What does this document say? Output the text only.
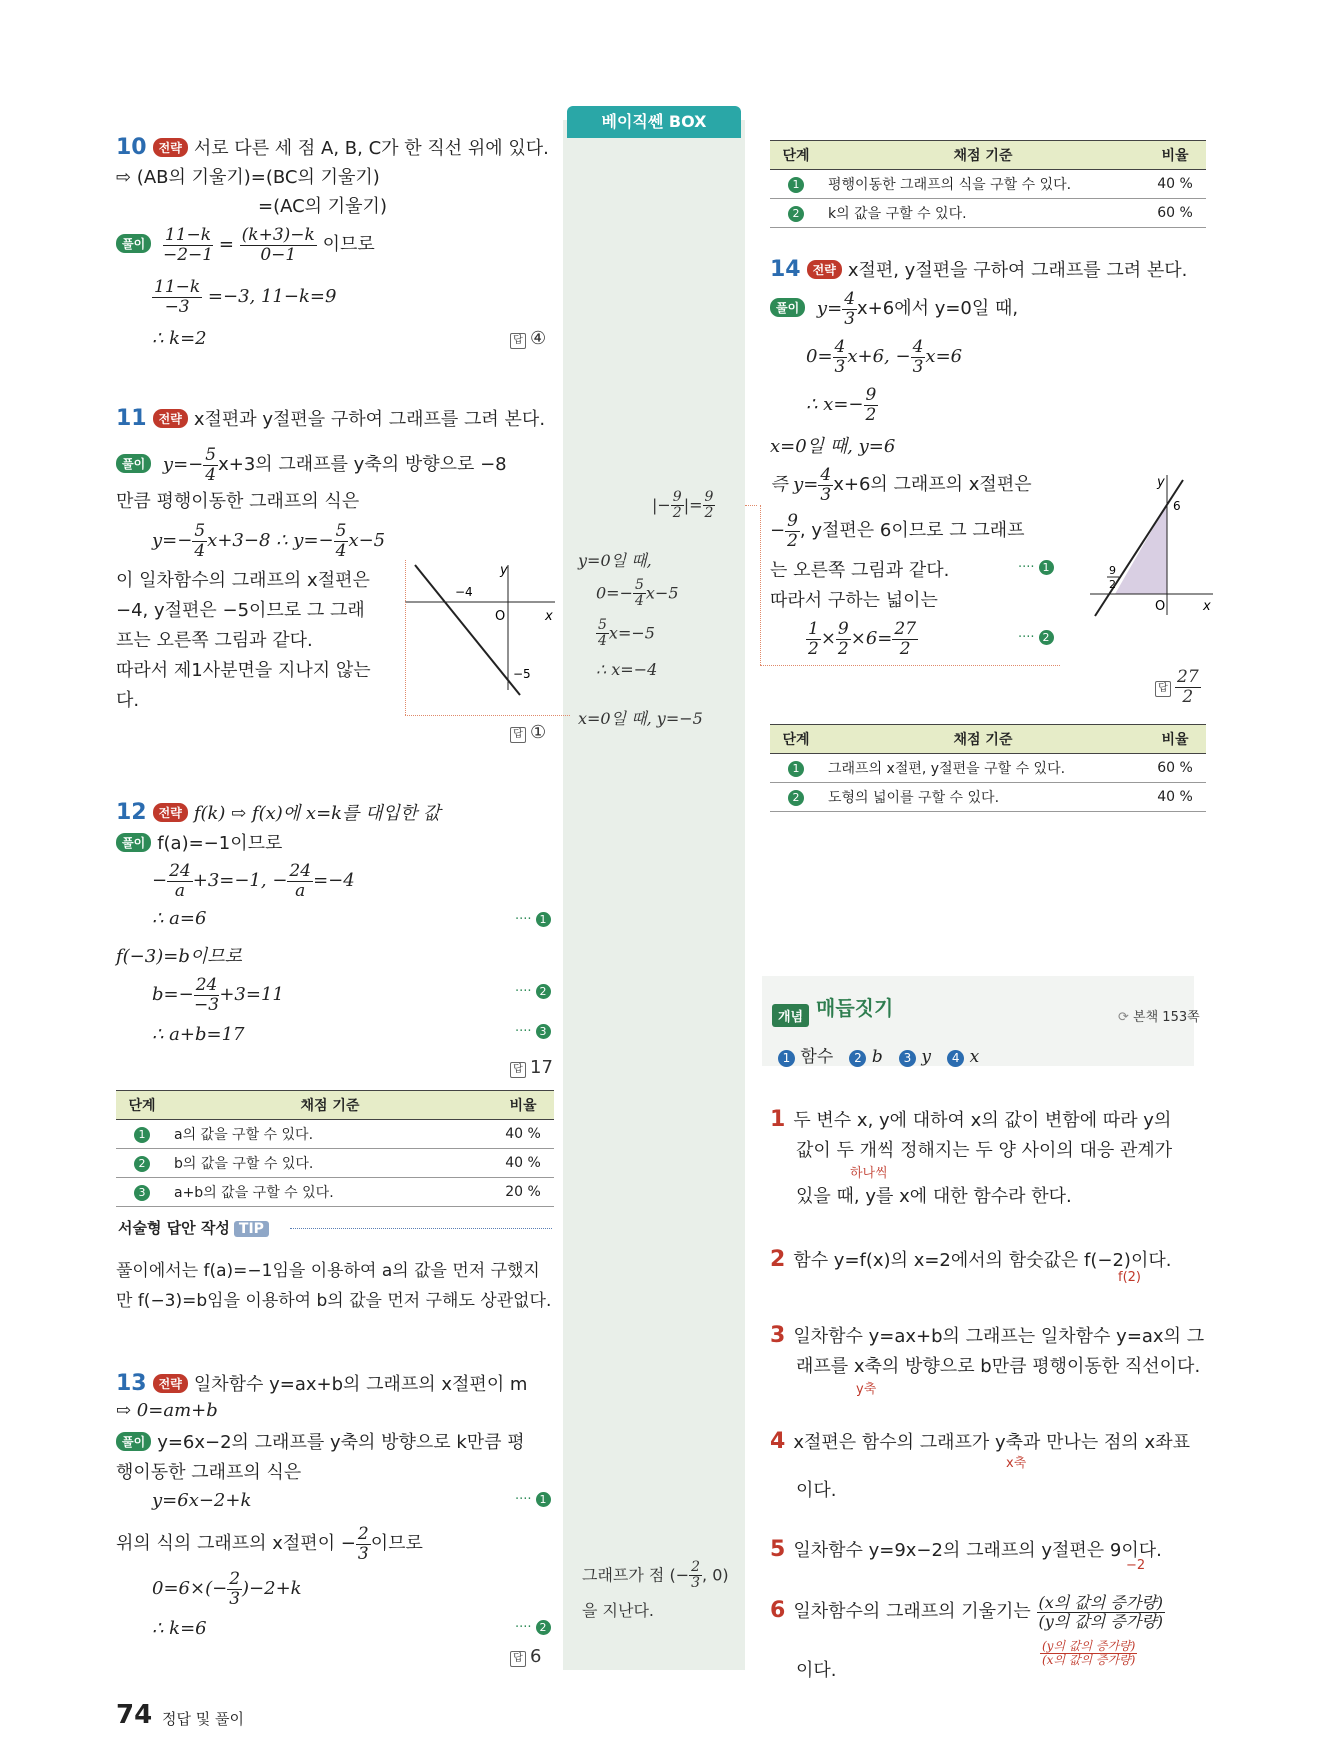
베이직쎈 BOX
10 전략 서로 다른 세 점 A, B, C가 한 직선 위에 있다.
⇨ (AB의 기울기)=(BC의 기울기)
=(AC의 기울기)
풀이 $\frac{11-k}{-2-1} = \frac{(k+3)-k}{0-1}$ 이므로
$\frac{11-k}{-3} =-3$, 11−k=9
∴ k=2	답 ④
11 전략 x절편과 y절편을 구하여 그래프를 그려 본다.
풀이 $y=- \frac{5}{4} x+3$의 그래프를 y축의 방향으로 −8
만큼 평행이동한 그래프의 식은
$y=- \frac{5}{4} x+3-8$ ∴ $y=- \frac{5}{4} x-5$
이 일차함수의 그래프의 x절편은
−4, y절편은 −5이므로 그 그래
프는 오른쪽 그림과 같다.
따라서 제1사분면을 지나지 않는
다.
x
y
O
−4
−5
답 ①
12 전략 f(k) ⇨ f(x)에 x=k를 대입한 값
풀이 f(a)=−1이므로
− $\frac{24}{a} +3=-1$, − $\frac{24}{a} =-4$
∴ a=6	···· 1
f(−3)=b이므로
$b=- \frac{24}{-3} +3=11$	···· 2
∴ a+b=17	···· 3
답 17
단계	채점 기준	비율
1	a의 값을 구할 수 있다.	40 %
2	b의 값을 구할 수 있다.	40 %
3	a+b의 값을 구할 수 있다.	20 %
서술형 답안 작성 TIP
풀이에서는 f(a)=−1임을 이용하여 a의 값을 먼저 구했지
만 f(−3)=b임을 이용하여 b의 값을 먼저 구해도 상관없다.
13 전략 일차함수 y=ax+b의 그래프의 x절편이 m
⇨ 0=am+b
풀이 y=6x−2의 그래프를 y축의 방향으로 k만큼 평
행이동한 그래프의 식은
y=6x−2+k	···· 1
위의 식의 그래프의 x절편이 − $\frac{2}{3}$ 이므로
$0=6\times(- \frac{2}{3} )-2+k$
∴ k=6	···· 2
답 6
y=0일 때,
$0=- \frac{5}{4} x-5$
$\frac{5}{4} x=-5$
∴ x=−4
x=0일 때, y=−5
|− $\frac{9}{2}$ |= $\frac{9}{2}$
그래프가 점 (− $\frac{2}{3}$ , 0)
을 지난다.
단계	채점 기준	비율
1	평행이동한 그래프의 식을 구할 수 있다.	40 %
2	k의 값을 구할 수 있다.	60 %
14 전략 x절편, y절편을 구하여 그래프를 그려 본다.
풀이 $y= \frac{4}{3} x+6$에서 y=0일 때,
$0= \frac{4}{3} x+6$, − $\frac{4}{3} x=6$
∴ $x=- \frac{9}{2}$
x=0일 때, y=6
즉 $y= \frac{4}{3} x+6$의 그래프의 x절편은
− $\frac{9}{2}$ , y절편은 6이므로 그 그래프
는 오른쪽 그림과 같다.	···· 1
따라서 구하는 넓이는
$\frac{1}{2} \times \frac{9}{2} \times 6= \frac{27}{2}$	···· 2
x
y
O
6
9
2
답 $\frac{27}{2}$
단계	채점 기준	비율
1	그래프의 x절편, y절편을 구할 수 있다.	60 %
2	도형의 넓이를 구할 수 있다.	40 %
개념 매듭짓기	⟳ 본책 153쪽
1 함수 2 b 3 y 4 x
1 두 변수 x, y에 대하여 x의 값이 변함에 따라 y의
값이 두 개씩 정해지는 두 양 사이의 대응 관계가
하나씩
있을 때, y를 x에 대한 함수라 한다.
2 함수 y=f(x)의 x=2에서의 함숫값은 f(−2)이다.
f(2)
3 일차함수 y=ax+b의 그래프는 일차함수 y=ax의 그
래프를 x축의 방향으로 b만큼 평행이동한 직선이다.
y축
4 x절편은 함수의 그래프가 y축과 만나는 점의 x좌표
x축
이다.
5 일차함수 y=9x−2의 그래프의 y절편은 9이다.
−2
6 일차함수의 그래프의 기울기는 $\frac{\text{(x의 값의 증가량)}}{\text{(y의 값의 증가량)}}$
$\frac{\text{(y의 값의 증가량)}}{\text{(x의 값의 증가량)}}$
이다.
74 정답 및 풀이
